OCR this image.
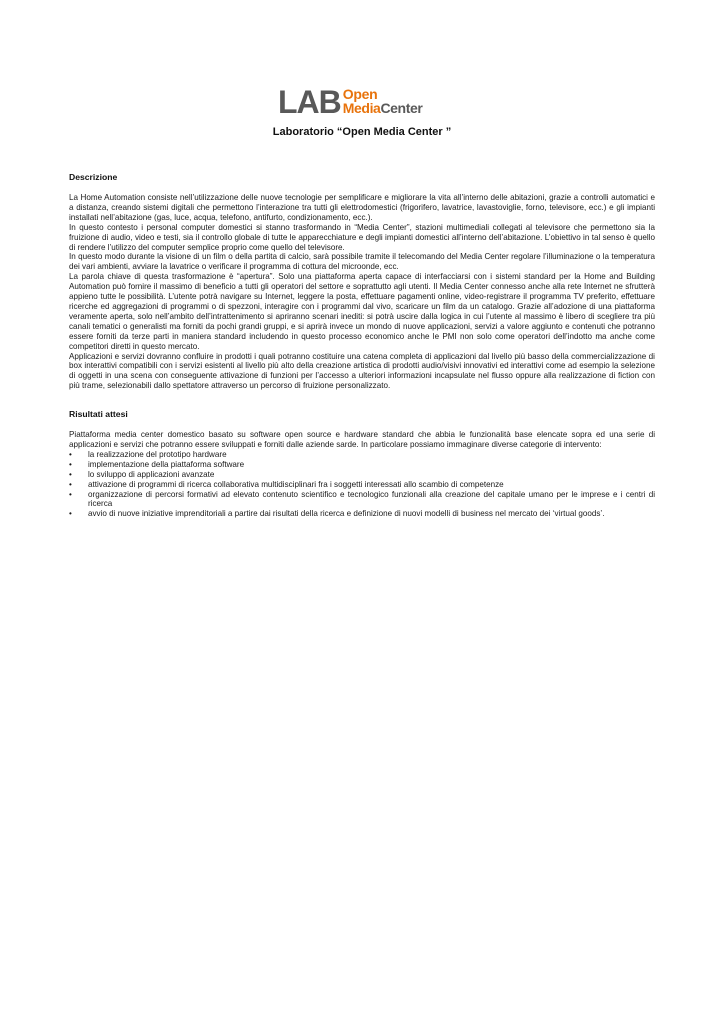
LAB Open
MediaCenter
Laboratorio “Open Media Center ”
Descrizione

La Home Automation consiste nell’utilizzazione delle nuove tecnologie per semplificare e migliorare la vita all’interno delle abitazioni, grazie a controlli automatici e a distanza, creando sistemi digitali che permettono l’interazione tra tutti gli elettrodomestici (frigorifero, lavatrice, lavastoviglie, forno, televisore, ecc.) e gli impianti installati nell’abitazione (gas, luce, acqua, telefono, antifurto, condizionamento, ecc.).

In questo contesto i personal computer domestici si stanno trasformando in “Media Center”, stazioni multimediali collegati al televisore che permettono sia la fruizione di audio, video e testi, sia il controllo globale di tutte le apparecchiature e degli impianti domestici all’interno dell’abitazione. L’obiettivo in tal senso è quello di rendere l’utilizzo del computer semplice proprio come quello del televisore.

In questo modo durante la visione di un film o della partita di calcio, sarà possibile tramite il telecomando del Media Center regolare l’illuminazione o la temperatura dei vari ambienti, avviare la lavatrice o verificare il programma di cottura del microonde, ecc.

La parola chiave di questa trasformazione è “apertura”. Solo una piattaforma aperta capace di interfacciarsi con i sistemi standard per la Home and Building Automation può fornire il massimo di beneficio a tutti gli operatori del settore e soprattutto agli utenti. Il Media Center connesso anche alla rete Internet ne sfrutterà appieno tutte le possibilità. L’utente potrà navigare su Internet, leggere la posta, effettuare pagamenti online, video-registrare il programma TV preferito, effettuare ricerche ed aggregazioni di programmi o di spezzoni, interagire con i programmi dal vivo, scaricare un film da un catalogo. Grazie all’adozione di una piattaforma veramente aperta, solo nell’ambito dell’intrattenimento si apriranno scenari inediti: si potrà uscire dalla logica in cui l’utente al massimo è libero di scegliere tra più canali tematici o generalisti ma forniti da pochi grandi gruppi, e si aprirà invece un mondo di nuove applicazioni, servizi a valore aggiunto e contenuti che potranno essere forniti da terze parti in maniera standard includendo in questo processo economico anche le PMI non solo come operatori dell’indotto ma anche come competitori diretti in questo mercato.

Applicazioni e servizi dovranno confluire in prodotti i quali potranno costituire una catena completa di applicazioni dal livello più basso della commercializzazione di box interattivi compatibili con i servizi esistenti al livello più alto della creazione artistica di prodotti audio/visivi innovativi ed interattivi come ad esempio la selezione di oggetti in una scena con conseguente attivazione di funzioni per l’accesso a ulteriori informazioni incapsulate nel flusso oppure alla realizzazione di fiction con più trame, selezionabili dallo spettatore attraverso un percorso di fruizione personalizzato.

Risultati attesi

Piattaforma media center domestico basato su software open source e hardware standard che abbia le funzionalità base elencate sopra ed una serie di applicazioni e servizi che potranno essere sviluppati e forniti dalle aziende sarde. In particolare possiamo immaginare diverse categorie di intervento:

• la realizzazione del prototipo hardware
• implementazione della piattaforma software
• lo sviluppo di applicazioni avanzate
• attivazione di programmi di ricerca collaborativa multidisciplinari fra i soggetti interessati allo scambio di competenze
• organizzazione di percorsi formativi ad elevato contenuto scientifico e tecnologico funzionali alla creazione del capitale umano per le imprese e i centri di ricerca
• avvio di nuove iniziative imprenditoriali a partire dai risultati della ricerca e definizione di nuovi modelli di business nel mercato dei ‘virtual goods’.
